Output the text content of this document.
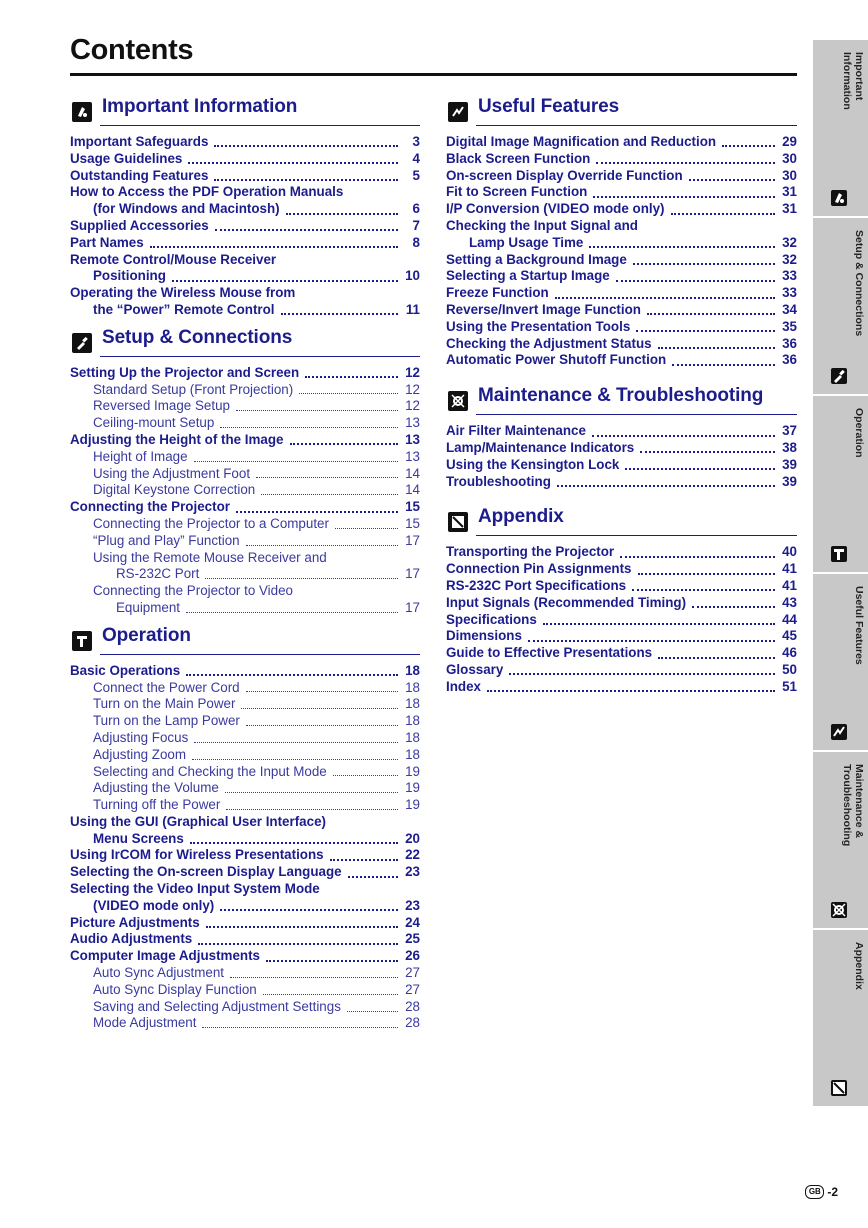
Contents
Important Information
Important Safeguards	3
Usage Guidelines	4
Outstanding Features	5
How to Access the PDF Operation Manuals
(for Windows and Macintosh)	6
Supplied Accessories	7
Part Names	8
Remote Control/Mouse Receiver
Positioning	10
Operating the Wireless Mouse from
the “Power” Remote Control	11
Setup & Connections
Setting Up the Projector and Screen	12
Standard Setup (Front Projection)	12
Reversed Image Setup	12
Ceiling-mount Setup	13
Adjusting the Height of the Image	13
Height of Image	13
Using the Adjustment Foot	14
Digital Keystone Correction	14
Connecting the Projector	15
Connecting the Projector to a Computer	15
“Plug and Play” Function	17
Using the Remote Mouse Receiver and
RS-232C Port	17
Connecting the Projector to Video
Equipment	17
Operation
Basic Operations	18
Connect the Power Cord	18
Turn on the Main Power	18
Turn on the Lamp Power	18
Adjusting Focus	18
Adjusting Zoom	18
Selecting and Checking the Input Mode	19
Adjusting the Volume	19
Turning off the Power	19
Using the GUI (Graphical User Interface)
Menu Screens	20
Using IrCOM for Wireless Presentations	22
Selecting the On-screen Display Language	23
Selecting the Video Input System Mode
(VIDEO mode only)	23
Picture Adjustments	24
Audio Adjustments	25
Computer Image Adjustments	26
Auto Sync Adjustment	27
Auto Sync Display Function	27
Saving and Selecting Adjustment Settings	28
Mode Adjustment	28
Useful Features
Digital Image Magnification and Reduction	29
Black Screen Function	30
On-screen Display Override Function	30
Fit to Screen Function	31
I/P Conversion (VIDEO mode only)	31
Checking the Input Signal and
Lamp Usage Time	32
Setting a Background Image	32
Selecting a Startup Image	33
Freeze Function	33
Reverse/Invert Image Function	34
Using the Presentation Tools	35
Checking the Adjustment Status	36
Automatic Power Shutoff Function	36
Maintenance & Troubleshooting
Air Filter Maintenance	37
Lamp/Maintenance Indicators	38
Using the Kensington Lock	39
Troubleshooting	39
Appendix
Transporting the Projector	40
Connection Pin Assignments	41
RS-232C Port Specifications	41
Input Signals (Recommended Timing)	43
Specifications	44
Dimensions	45
Guide to Effective Presentations	46
Glossary	50
Index	51
Important
Information
Setup & Connections
Operation
Useful Features
Maintenance &
Troubleshooting
Appendix
GB -2
